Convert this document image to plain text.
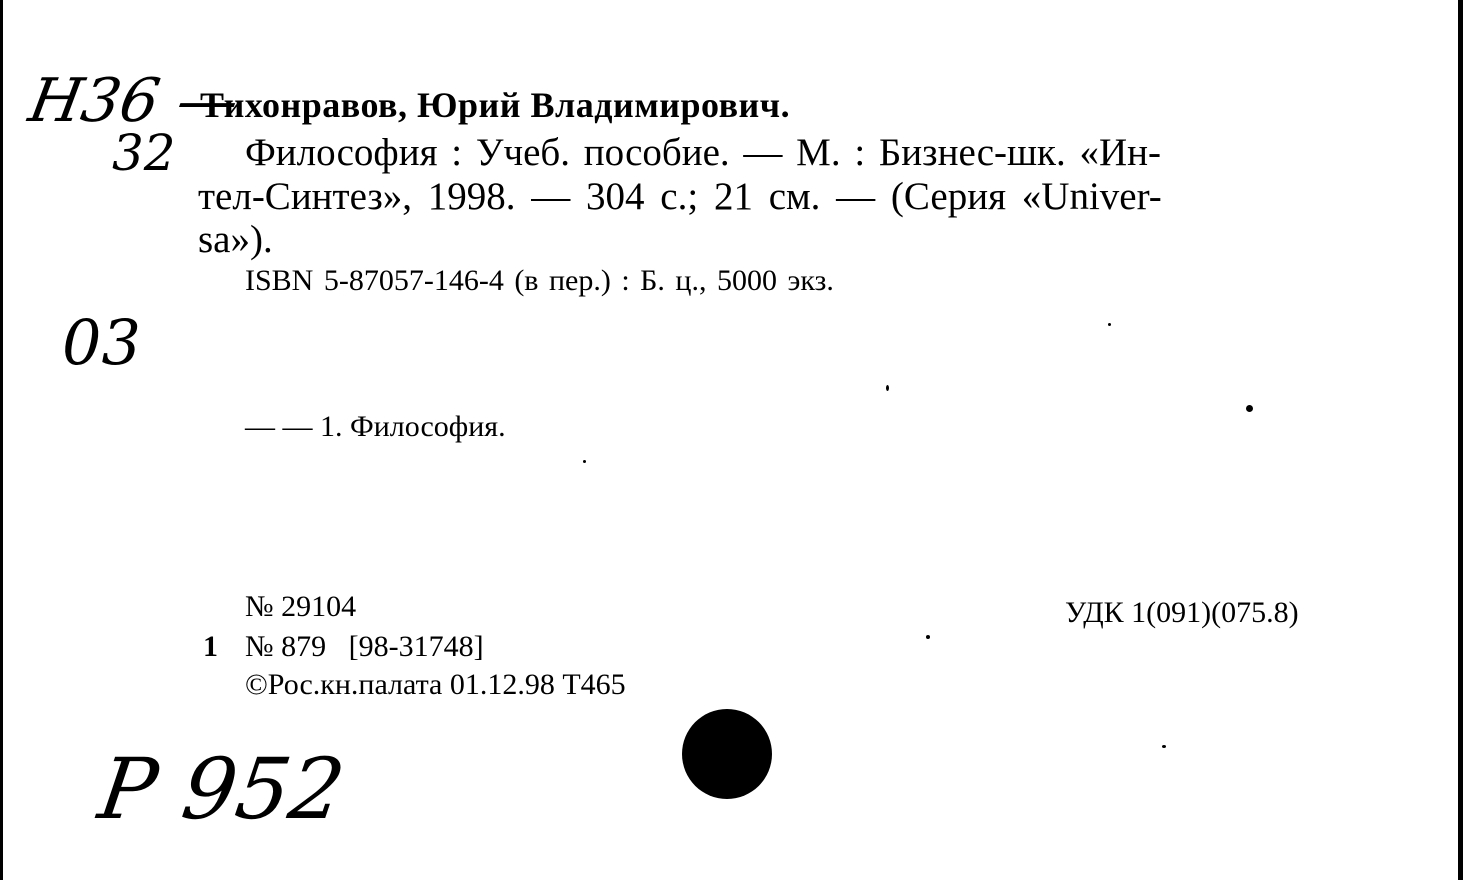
Н36 —
32
Тихонравов, Юрий Владимирович.
Философия : Учеб. пособие. — М. : Бизнес-шк. «Ин-
тел-Синтез», 1998. — 304 с.; 21 см. — (Серия «Univer-
sa»).
ISBN 5-87057-146-4 (в пер.) : Б. ц., 5000 экз.
03
— — 1. Философия.
№ 29104
1 № 879   [98-31748]
©Рос.кн.палата 01.12.98 Т465
УДК 1(091)(075.8)
Р 952
